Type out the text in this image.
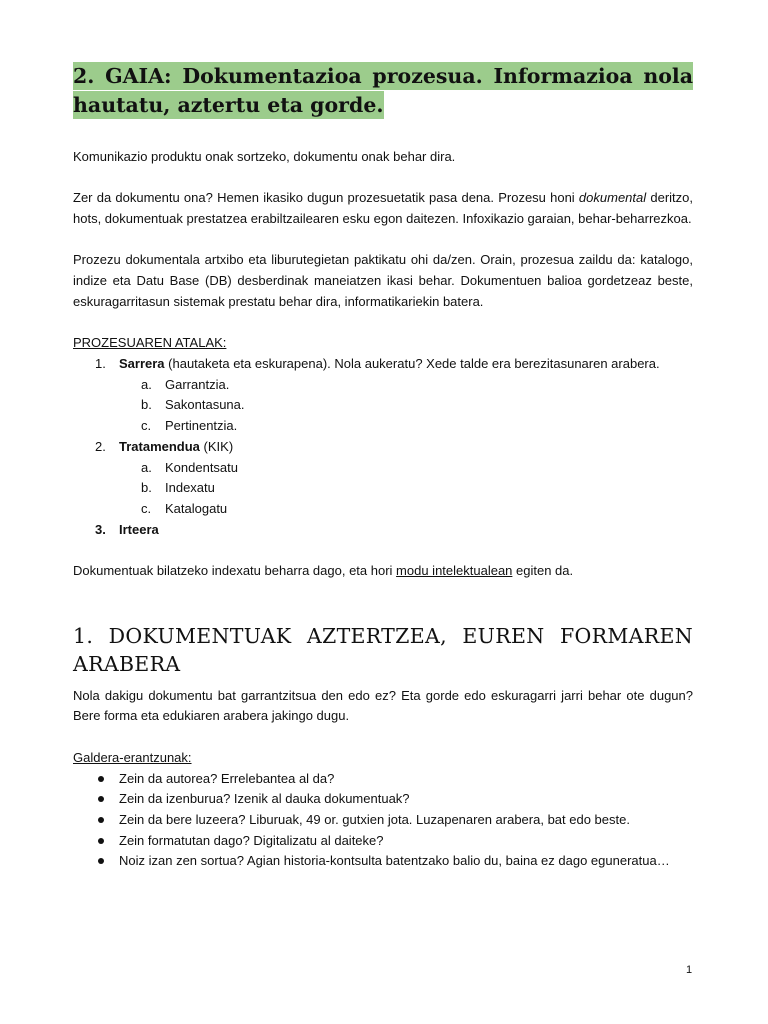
2. GAIA: Dokumentazioa prozesua. Informazioa nola hautatu, aztertu eta gorde.

Komunikazio produktu onak sortzeko, dokumentu onak behar dira.

Zer da dokumentu ona? Hemen ikasiko dugun prozesuetatik pasa dena. Prozesu honi dokumental deritzo, hots, dokumentuak prestatzea erabiltzailearen esku egon daitezen. Infoxikazio garaian, behar-beharrezkoa.

Prozezu dokumentala artxibo eta liburutegietan paktikatu ohi da/zen. Orain, prozesua zaildu da: katalogo, indize eta Datu Base (DB) desberdinak maneiatzen ikasi behar. Dokumentuen balioa gordetzeaz beste, eskuragarritasun sistemak prestatu behar dira, informatikariekin batera.

PROZESUAREN ATALAK:
1. Sarrera (hautaketa eta eskurapena). Nola aukeratu? Xede talde era berezitasunaren arabera.
a. Garrantzia.
b. Sakontasuna.
c. Pertinentzia.
2. Tratamendua (KIK)
a. Kondentsatu
b. Indexatu
c. Katalogatu
3. Irteera

Dokumentuak bilatzeko indexatu beharra dago, eta hori modu intelektualean egiten da.

1. DOKUMENTUAK AZTERTZEA, EUREN FORMAREN ARABERA

Nola dakigu dokumentu bat garrantzitsua den edo ez? Eta gorde edo eskuragarri jarri behar ote dugun? Bere forma eta edukiaren arabera jakingo dugu.

Galdera-erantzunak:
Zein da autorea? Errelebantea al da?
Zein da izenburua? Izenik al dauka dokumentuak?
Zein da bere luzeera? Liburuak, 49 or. gutxien jota. Luzapenaren arabera, bat edo beste.
Zein formatutan dago? Digitalizatu al daiteke?
Noiz izan zen sortua? Agian historia-kontsulta batentzako balio du, baina ez dago eguneratua…
1
